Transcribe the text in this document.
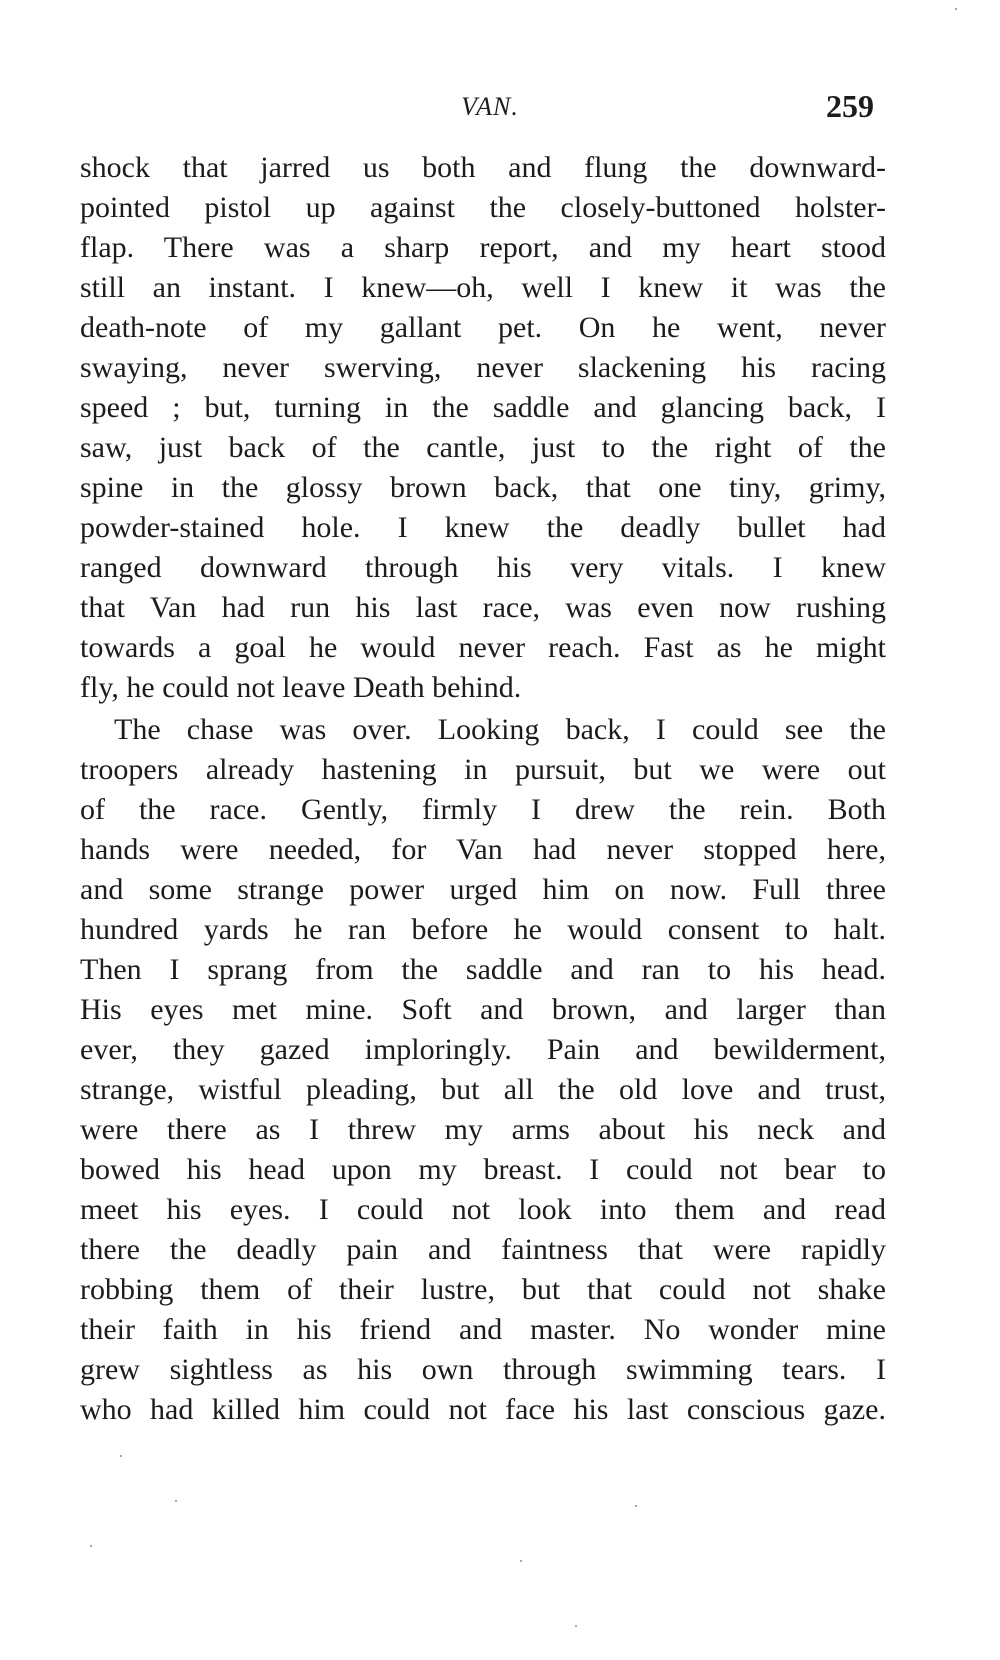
VAN.	259
shock that jarred us both and flung the downward-
pointed pistol up against the closely-buttoned holster-
flap. There was a sharp report, and my heart stood
still an instant. I knew—oh, well I knew it was the
death-note of my gallant pet. On he went, never
swaying, never swerving, never slackening his racing
speed ; but, turning in the saddle and glancing back, I
saw, just back of the cantle, just to the right of the
spine in the glossy brown back, that one tiny, grimy,
powder-stained hole. I knew the deadly bullet had
ranged downward through his very vitals. I knew
that Van had run his last race, was even now rushing
towards a goal he would never reach. Fast as he might
fly, he could not leave Death behind.
The chase was over. Looking back, I could see the
troopers already hastening in pursuit, but we were out
of the race. Gently, firmly I drew the rein. Both
hands were needed, for Van had never stopped here,
and some strange power urged him on now. Full three
hundred yards he ran before he would consent to halt.
Then I sprang from the saddle and ran to his head.
His eyes met mine. Soft and brown, and larger than
ever, they gazed imploringly. Pain and bewilderment,
strange, wistful pleading, but all the old love and trust,
were there as I threw my arms about his neck and
bowed his head upon my breast. I could not bear to
meet his eyes. I could not look into them and read
there the deadly pain and faintness that were rapidly
robbing them of their lustre, but that could not shake
their faith in his friend and master. No wonder mine
grew sightless as his own through swimming tears. I
who had killed him could not face his last conscious gaze.
